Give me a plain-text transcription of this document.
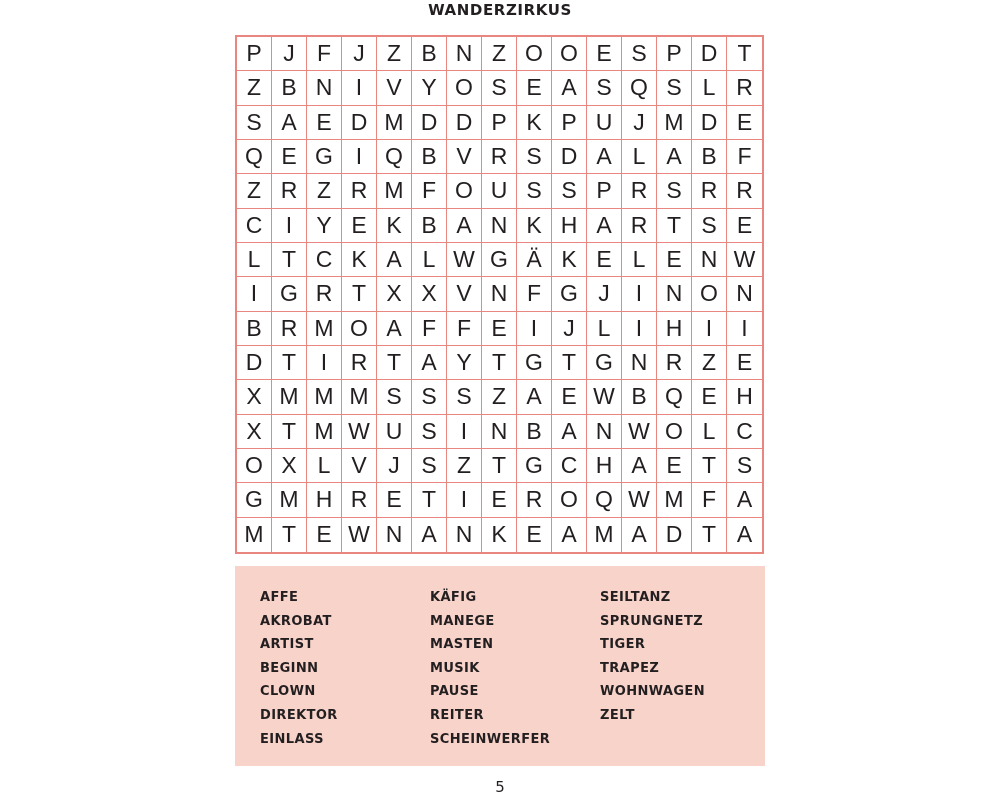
WANDERZIRKUS
P J F J Z B N Z O O E S P D T
Z B N	I	V Y O S E A S Q S L R
S A E D M D D P K P U J M D E
Q E G I Q B V R S D A L A B F
Z R Z R M F O U S S P R S R R
C	I	Y E K B A N K H A R T S E
L T C K A L W G Ä K E L E N W
I G R T X X V N F G J	I	N O N
B R M O A F F E	I	J L	I	H	I	I
D T	I	R T A Y T G T G N R Z E
X M M M S S S Z A E W B Q E H
X T M W U S	I	N B A N W O L C
O X L V J S Z T G C H A E T S
G M H R E T	I	E R O Q W M F A
M T E W N A N K E A M A D T A
AFFE
AKROBAT
ARTIST
BEGINN
CLOWN
DIREKTOR
EINLASS
KÄFIG
MANEGE
MASTEN
MUSIK
PAUSE
REITER
SCHEINWERFER
SEILTANZ
SPRUNGNETZ
TIGER
TRAPEZ
WOHNWAGEN
ZELT
5
